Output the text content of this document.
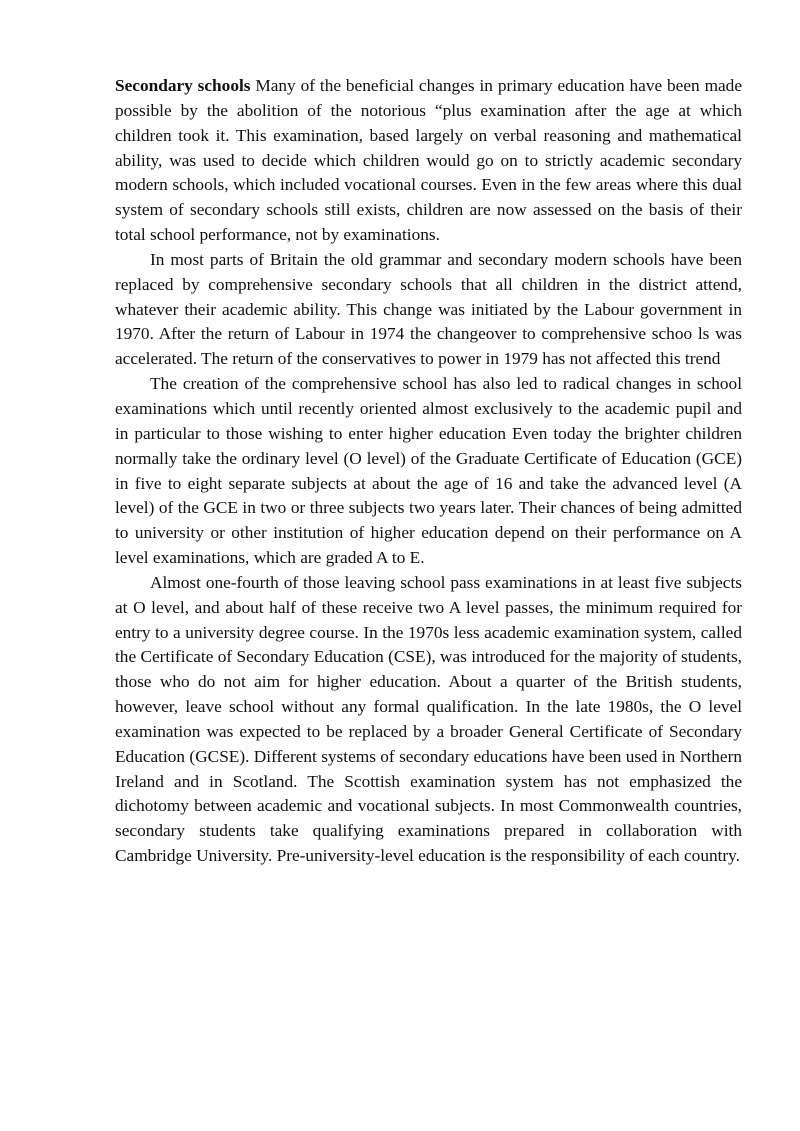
Secondary schools Many of the beneficial changes in primary education have been made possible by the abolition of the notorious “plus examination after the age at which children took it. This examination, based largely on verbal reasoning and mathematical ability, was used to decide which children would go on to strictly academic secondary modern schools, which included vocational courses. Even in the few areas where this dual system of secondary schools still exists, children are now assessed on the basis of their total school performance, not by examinations.

In most parts of Britain the old grammar and secondary modern schools have been replaced by comprehensive secondary schools that all children in the district attend, whatever their academic ability. This change was initiated by the Labour government in 1970. After the return of Labour in 1974 the changeover to comprehensive schoo ls was accelerated. The return of the conservatives to power in 1979 has not affected this trend

The creation of the comprehensive school has also led to radical changes in school examinations which until recently oriented almost exclusively to the academic pupil and in particular to those wishing to enter higher education Even today the brighter children normally take the ordinary level (O level) of the Graduate Certificate of Education (GCE) in five to eight separate subjects at about the age of 16 and take the advanced level (A level) of the GCE in two or three subjects two years later. Their chances of being admitted to university or other institution of higher education depend on their performance on A level examinations, which are graded A to E.

Almost one-fourth of those leaving school pass examinations in at least five subjects at O level, and about half of these receive two A level passes, the minimum required for entry to a university degree course. In the 1970s less academic examination system, called the Certificate of Secondary Education (CSE), was introduced for the majority of students, those who do not aim for higher education. About a quarter of the British students, however, leave school without any formal qualification. In the late 1980s, the O level examination was expected to be replaced by a broader General Certificate of Secondary Education (GCSE). Different systems of secondary educations have been used in Northern Ireland and in Scotland. The Scottish examination system has not emphasized the dichotomy between academic and vocational subjects. In most Commonwealth countries, secondary students take qualifying examinations prepared in collaboration with Cambridge University. Pre-university-level education is the responsibility of each country.
